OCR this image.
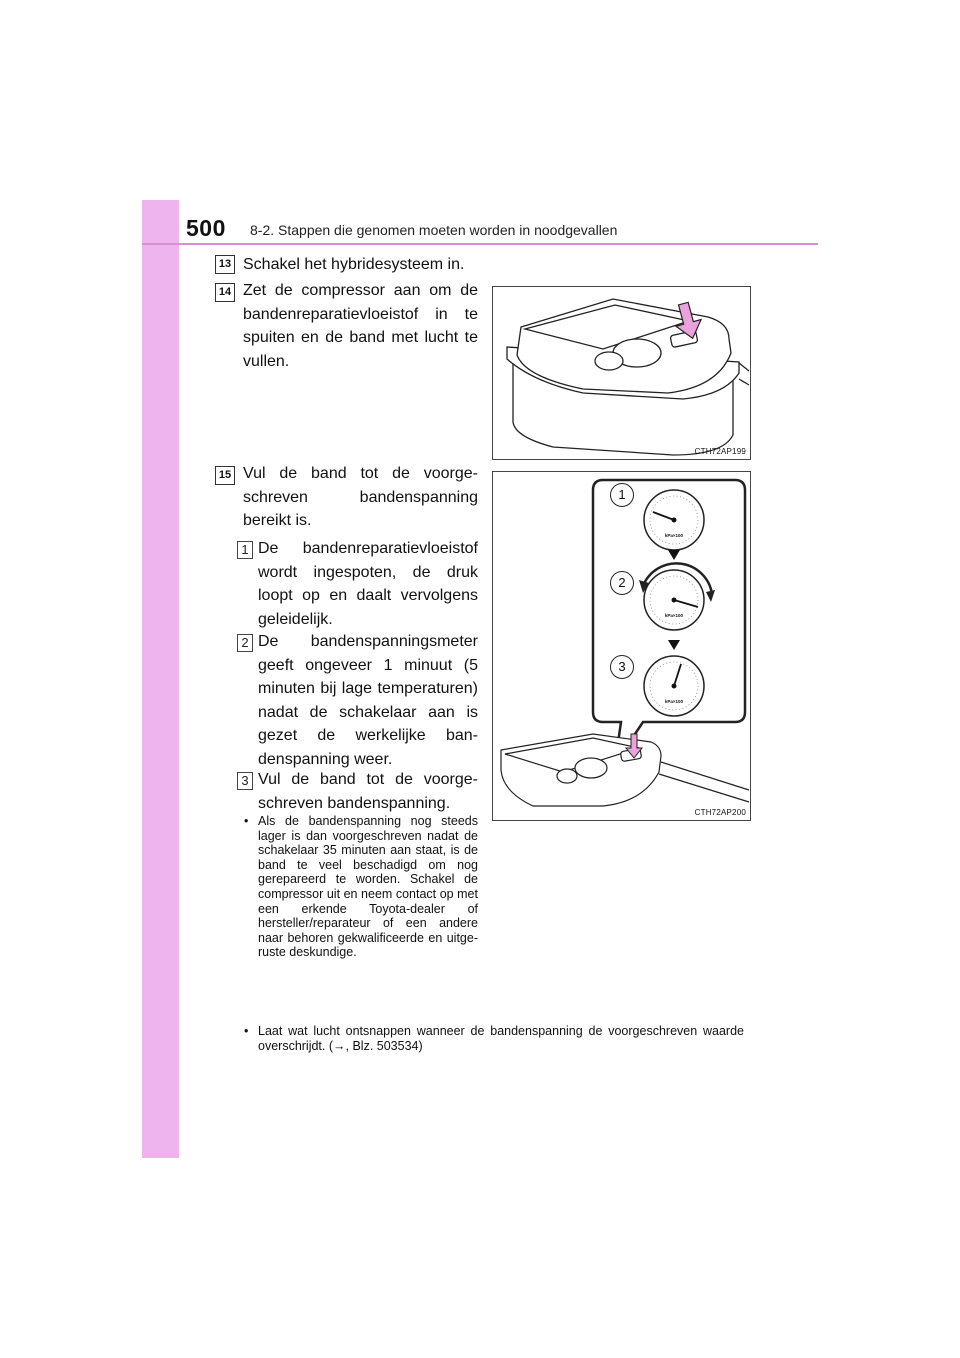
500 8-2. Stappen die genomen moeten worden in noodgevallen
13 Schakel het hybridesysteem in.
14 Zet de compressor aan om de bandenreparatievloeistof in te spuiten en de band met lucht te vullen.
15 Vul de band tot de voorgeschreven bandenspanning bereikt is.
1 De bandenreparatievloeistof wordt ingespoten, de druk loopt op en daalt vervolgens geleidelijk.
2 De bandenspanningsmeter geeft ongeveer 1 minuut (5 minuten bij lage temperaturen) nadat de schakelaar aan is gezet de werkelijke bandenspanning weer.
3 Vul de band tot de voorgeschreven bandenspanning.
• Als de bandenspanning nog steeds lager is dan voorgeschreven nadat de schakelaar 35 minuten aan staat, is de band te veel beschadigd om nog gerepareerd te worden. Schakel de compressor uit en neem contact op met een erkende Toyota-dealer of hersteller/reparateur of een andere naar behoren gekwalificeerde en uitgeruste deskundige.
• Laat wat lucht ontsnappen wanneer de bandenspanning de voorgeschreven waarde overschrijdt. (→, Blz. 503534)
CTH72AP199
1
2
3
kPa×100
kPa×100
kPa×100
CTH72AP200
